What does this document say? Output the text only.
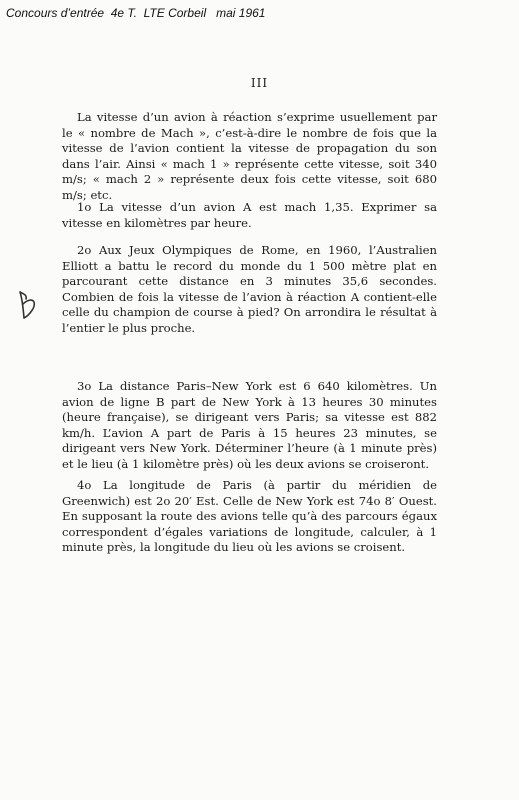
Concours d’entrée  4e T.  LTE Corbeil   mai 1961
III

La vitesse d’un avion à réaction s’exprime usuellement par le « nombre de Mach », c’est-à-dire le nombre de fois que la vitesse de l’avion contient la vitesse de propagation du son dans l’air. Ainsi « mach 1 » représente cette vitesse, soit 340 m/s; « mach 2 » représente deux fois cette vitesse, soit 680 m/s; etc.

1o La vitesse d’un avion A est mach 1,35. Exprimer sa vitesse en kilomètres par heure.

2o Aux Jeux Olympiques de Rome, en 1960, l’Australien Elliott a battu le record du monde du 1 500 mètre plat en parcourant cette distance en 3 minutes 35,6 secondes. Combien de fois la vitesse de l’avion à réaction A contient-elle celle du champion de course à pied? On arrondira le résultat à l’entier le plus proche.

3o La distance Paris–New York est 6 640 kilomètres. Un avion de ligne B part de New York à 13 heures 30 minutes (heure française), se dirigeant vers Paris; sa vitesse est 882 km/h. L’avion A part de Paris à 15 heures 23 minutes, se dirigeant vers New York. Déterminer l’heure (à 1 minute près) et le lieu (à 1 kilomètre près) où les deux avions se croiseront.

4o La longitude de Paris (à partir du méridien de Greenwich) est 2o 20′ Est. Celle de New York est 74o 8′ Ouest. En supposant la route des avions telle qu’à des parcours égaux correspondent d’égales variations de longitude, calculer, à 1 minute près, la longitude du lieu où les avions se croisent.
